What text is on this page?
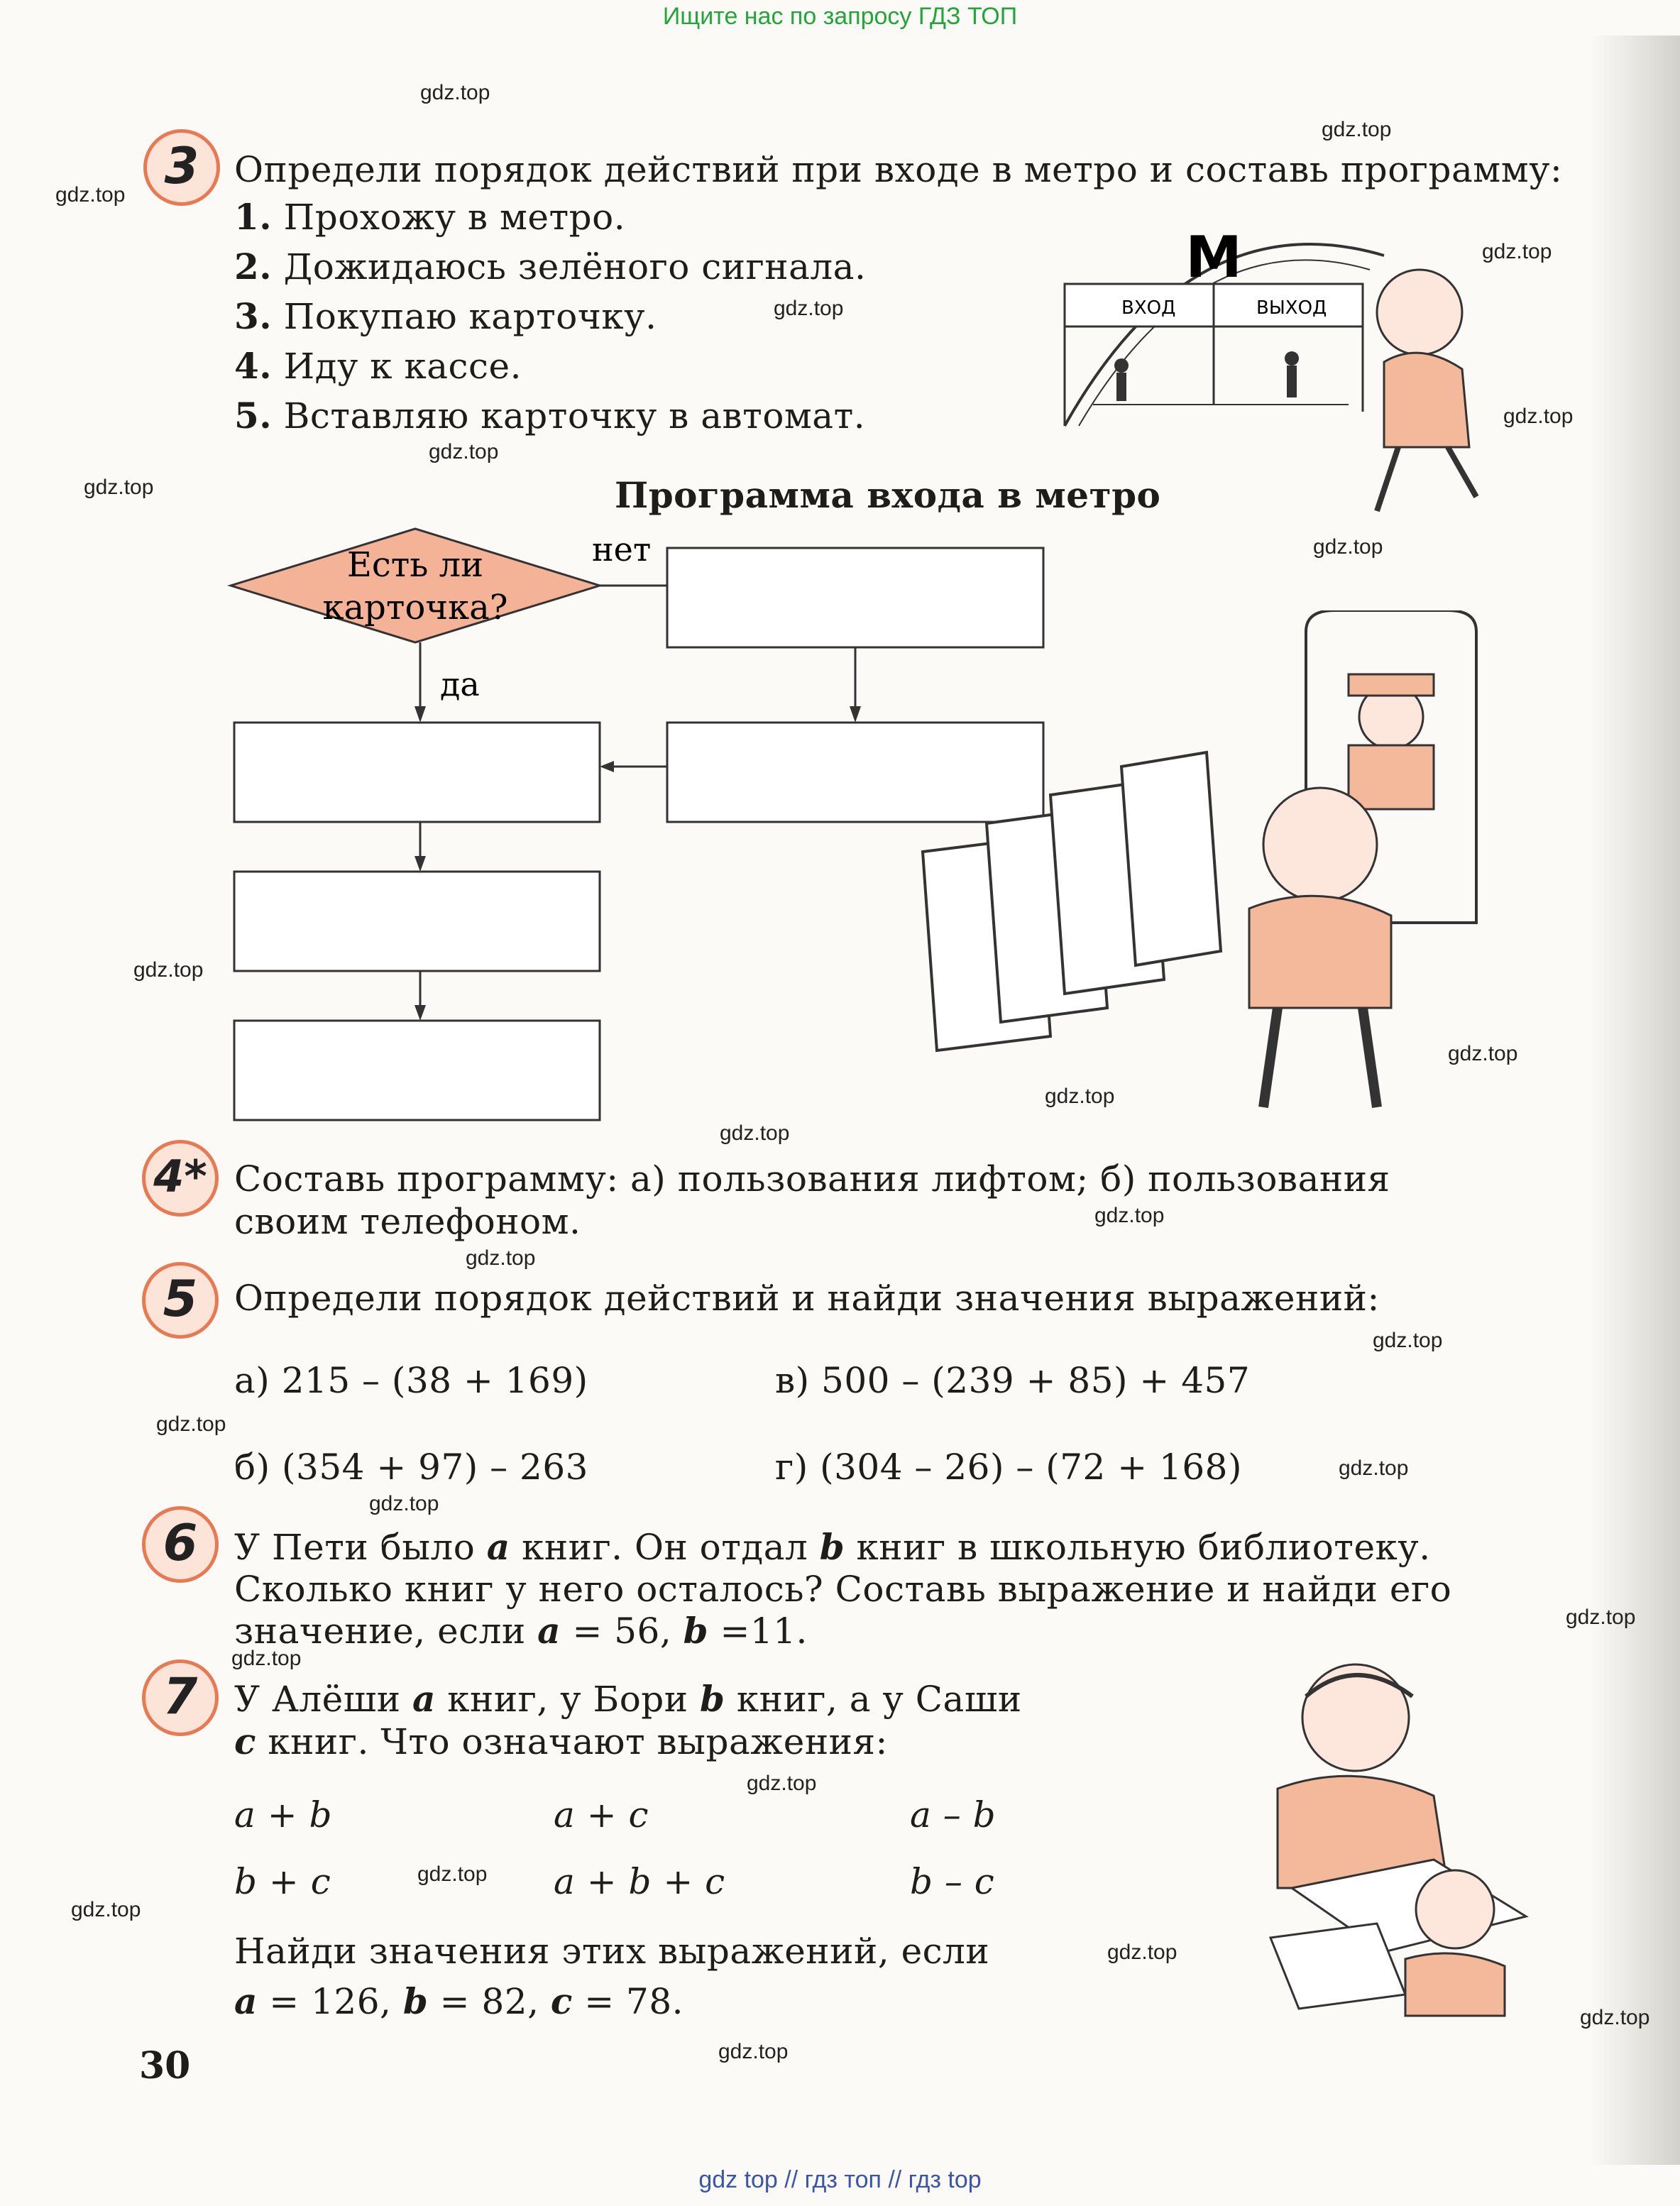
Ищите нас по запросу ГДЗ ТОП
gdz.top
gdz.top
gdz.top
gdz.top
gdz.top
gdz.top
gdz.top
gdz.top
gdz.top
gdz.top
gdz.top
gdz.top
gdz.top
gdz.top
gdz.top
gdz.top
gdz.top
gdz.top
gdz.top
gdz.top
gdz.top
gdz.top
gdz.top
gdz.top
gdz.top
gdz.top
gdz.top
3 Определи порядок действий при входе в метро и составь программу:
1. Прохожу в метро.
2. Дожидаюсь зелёного сигнала.
3. Покупаю карточку.
4. Иду к кассе.
5. Вставляю карточку в автомат.
ВХОД	ВЫХОД
М
Программа входа в метро
Есть ли
карточка?
нет
да
4* Составь программу: а) пользования лифтом; б) пользования
своим телефоном.
5	Определи порядок действий и найди значения выражений:
а) 215 – (38 + 169)	в) 500 – (239 + 85) + 457
б) (354 + 97) – 263	г) (304 – 26) – (72 + 168)
6	У Пети было a книг. Он отдал b книг в школьную библиотеку.
Сколько книг у него осталось? Составь выражение и найди его
значение, если a = 56, b =11.
7	У Алёши a книг, у Бори b книг, а у Саши
c книг. Что означают выражения:
a + b	a + c	a – b
b + c	a + b + c	b – c
Найди значения этих выражений, если
a = 126, b = 82, c = 78.
30
gdz top // гдз топ // гдз top
